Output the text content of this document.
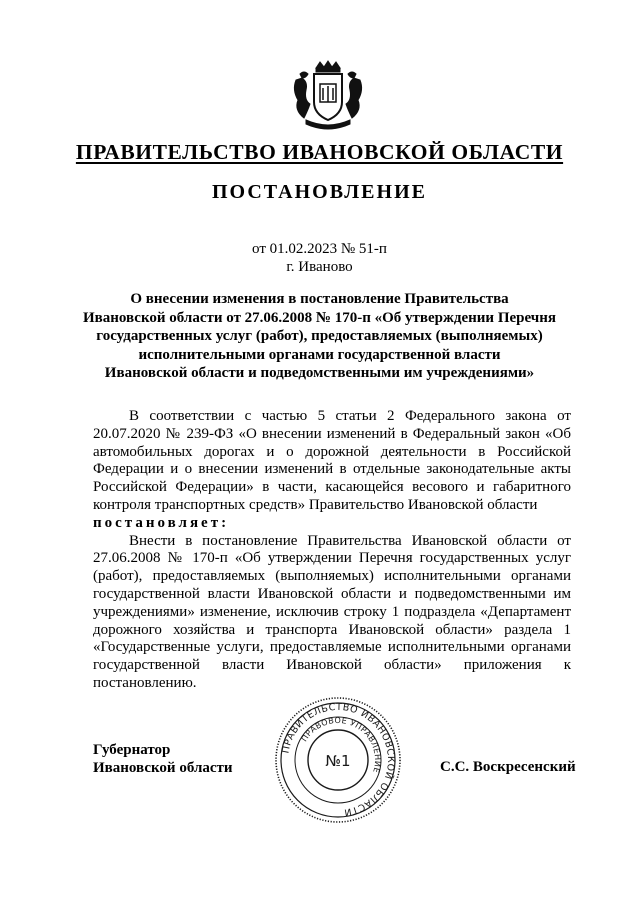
ПРАВИТЕЛЬСТВО ИВАНОВСКОЙ ОБЛАСТИ
ПОСТАНОВЛЕНИЕ
от 01.02.2023 № 51-п
г. Иваново
О внесении изменения в постановление Правительства
Ивановской области от 27.06.2008 № 170-п «Об утверждении Перечня
государственных услуг (работ), предоставляемых (выполняемых)
исполнительными органами государственной власти
Ивановской области и подведомственными им учреждениями»

В соответствии с частью 5 статьи 2 Федерального закона от 20.07.2020 № 239-ФЗ «О внесении изменений в Федеральный закон «Об автомобильных дорогах и о дорожной деятельности в Российской Федерации и о внесении изменений в отдельные законодательные акты Российской Федерации» в части, касающейся весового и габаритного контроля транспортных средств» Правительство Ивановской области

постановляет:

Внести в постановление Правительства Ивановской области от 27.06.2008 № 170-п «Об утверждении Перечня государственных услуг (работ), предоставляемых (выполняемых) исполнительными органами государственной власти Ивановской области и подведомственными им учреждениями» изменение, исключив строку 1 подраздела «Департамент дорожного хозяйства и транспорта Ивановской области» раздела 1 «Государственные услуги, предоставляемые исполнительными органами государственной власти Ивановской области» приложения к постановлению.

Губернатор
Ивановской области
ПРАВИТЕЛЬСТВО ИВАНОВСКОЙ ОБЛАСТИ
ПРАВОВОЕ УПРАВЛЕНИЕ
№1	С.С. Воскресенский
